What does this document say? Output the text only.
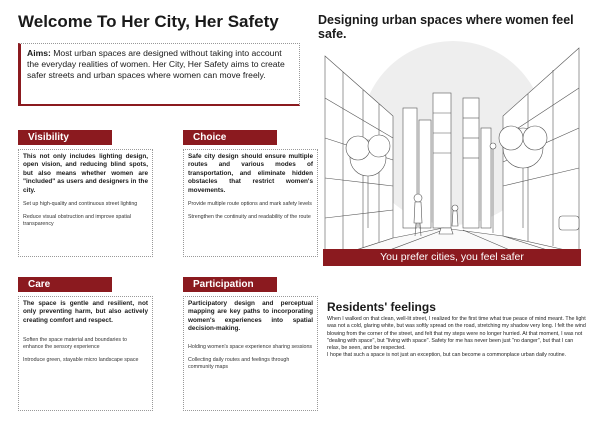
Welcome To Her City, Her Safety	Designing urban spaces where women feel safe.
Aims: Most urban spaces are designed without taking into account the everyday realities of women. Her City, Her Safety aims to create safer streets and urban spaces where women can move freely.
Visibility
This not only includes lighting design, open vision, and reducing blind spots, but also means whether women are "included" as users and designers in the city.
Set up high-quality and continuous street lighting
Reduce visual obstruction and improve spatial transparency
Choice
Safe city design should ensure multiple routes and various modes of transportation, and eliminate hidden obstacles that restrict women's movements.
Provide multiple route options and mark safety levels
Strengthen the continuity and readability of the route
Care
The space is gentle and resilient, not only preventing harm, but also actively creating comfort and respect.
Soften the space material and boundaries to enhance the sensory experience
Introduce green, stayable micro landscape space
Participation
Participatory design and perceptual mapping are key paths to incorporating women's experiences into spatial decision-making.
Holding women's space experience sharing sessions
Collecting daily routes and feelings through community maps
You prefer cities, you feel safer
Residents' feelings
When I walked on that clean, well-lit street, I realized for the first time what true peace of mind meant. The light was not a cold, glaring white, but was softly spread on the road, stretching my shadow very long. I felt the wind blowing from the corner of the street, and felt that my steps were no longer hurried. At that moment, I was not "dealing with space", but "living with space". Safety for me has never been just "no danger", but that I can relax, be seen, and be respected.
I hope that such a space is not just an exception, but can become a commonplace urban daily routine.
